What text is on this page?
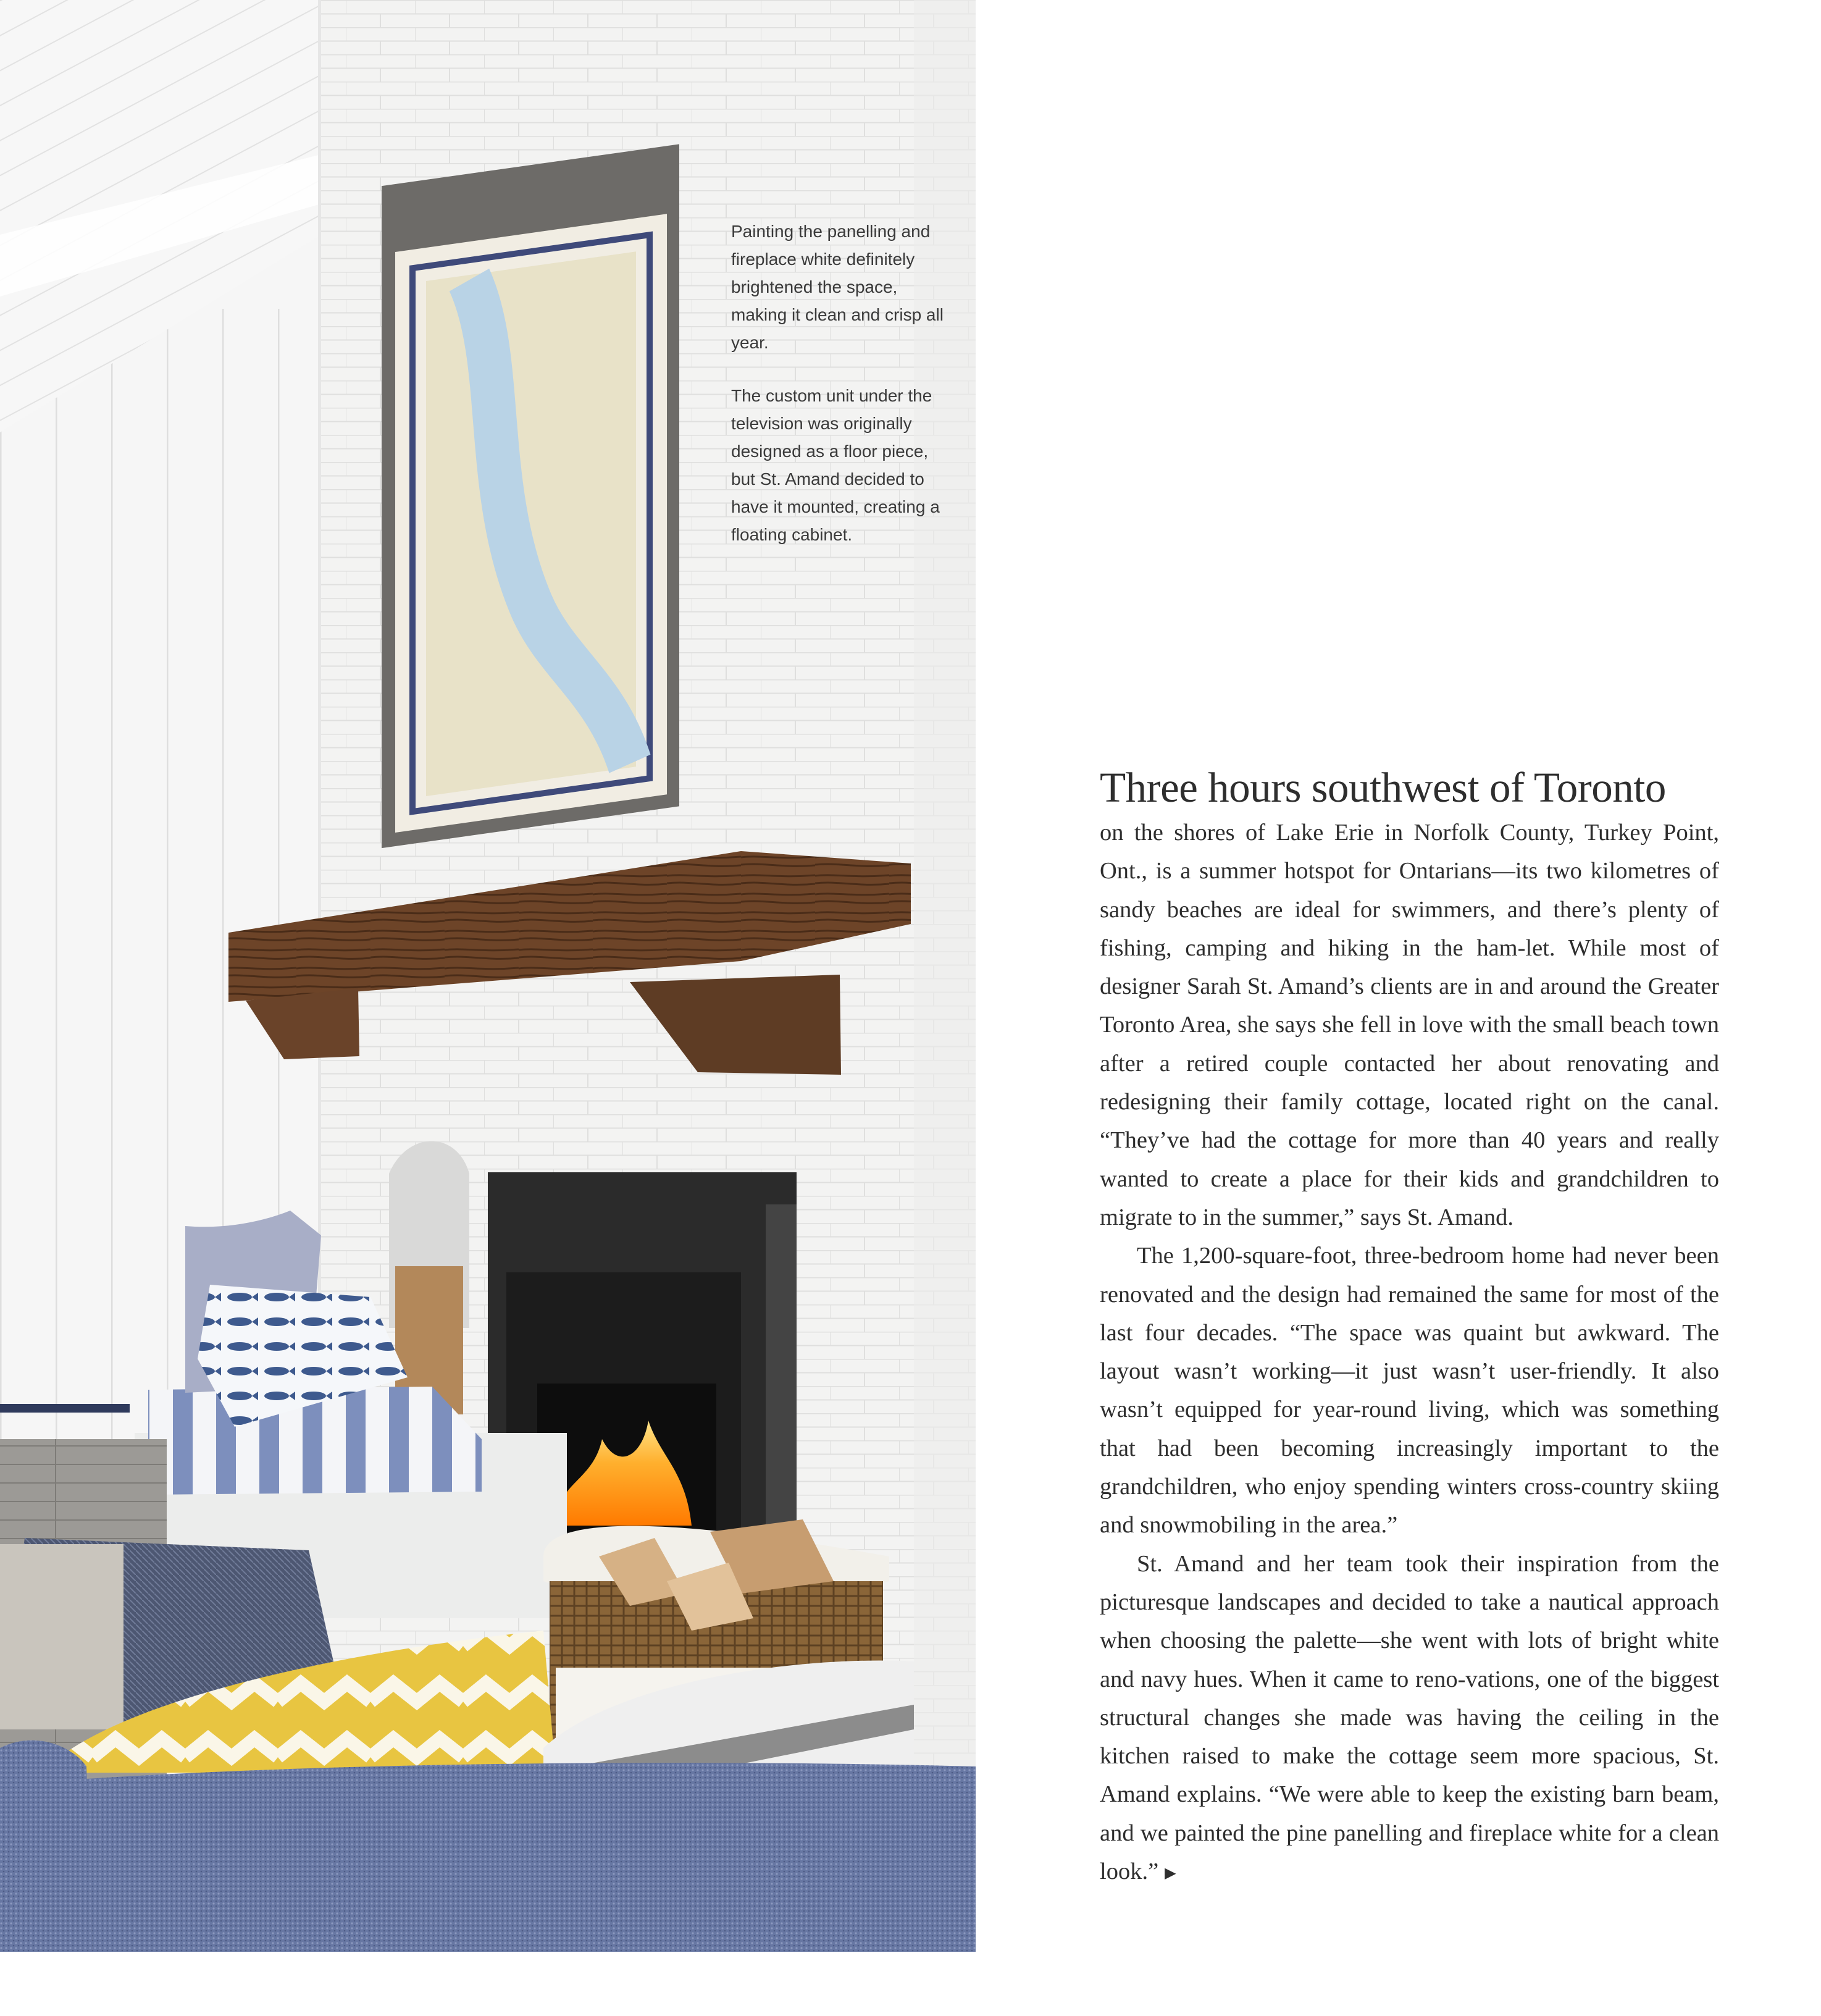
Painting the panelling and fireplace white definitely brightened the space, making it clean and crisp all year.
The custom unit under the television was originally designed as a floor piece, but St. Amand decided to have it mounted, creating a floating cabinet.
Three hours southwest of Toronto

on the shores of Lake Erie in Norfolk County, Turkey Point, Ont., is a summer hotspot for Ontarians—its two kilometres of sandy beaches are ideal for swimmers, and there’s plenty of fishing, camping and hiking in the ham-let. While most of designer Sarah St. Amand’s clients are in and around the Greater Toronto Area, she says she fell in love with the small beach town after a retired couple contacted her about renovating and redesigning their family cottage, located right on the canal. “They’ve had the cottage for more than 40 years and really wanted to create a place for their kids and grandchildren to migrate to in the summer,” says St. Amand.

The 1,200-square-foot, three-bedroom home had never been renovated and the design had remained the same for most of the last four decades. “The space was quaint but awkward. The layout wasn’t working—it just wasn’t user-friendly. It also wasn’t equipped for year-round living, which was something that had been becoming increasingly important to the grandchildren, who enjoy spending winters cross-country skiing and snowmobiling in the area.”

St. Amand and her team took their inspiration from the picturesque landscapes and decided to take a nautical approach when choosing the palette—she went with lots of bright white and navy hues. When it came to reno-vations, one of the biggest structural changes she made was having the ceiling in the kitchen raised to make the cottage seem more spacious, St. Amand explains. “We were able to keep the existing barn beam, and we painted the pine panelling and fireplace white for a clean look.” ▶
